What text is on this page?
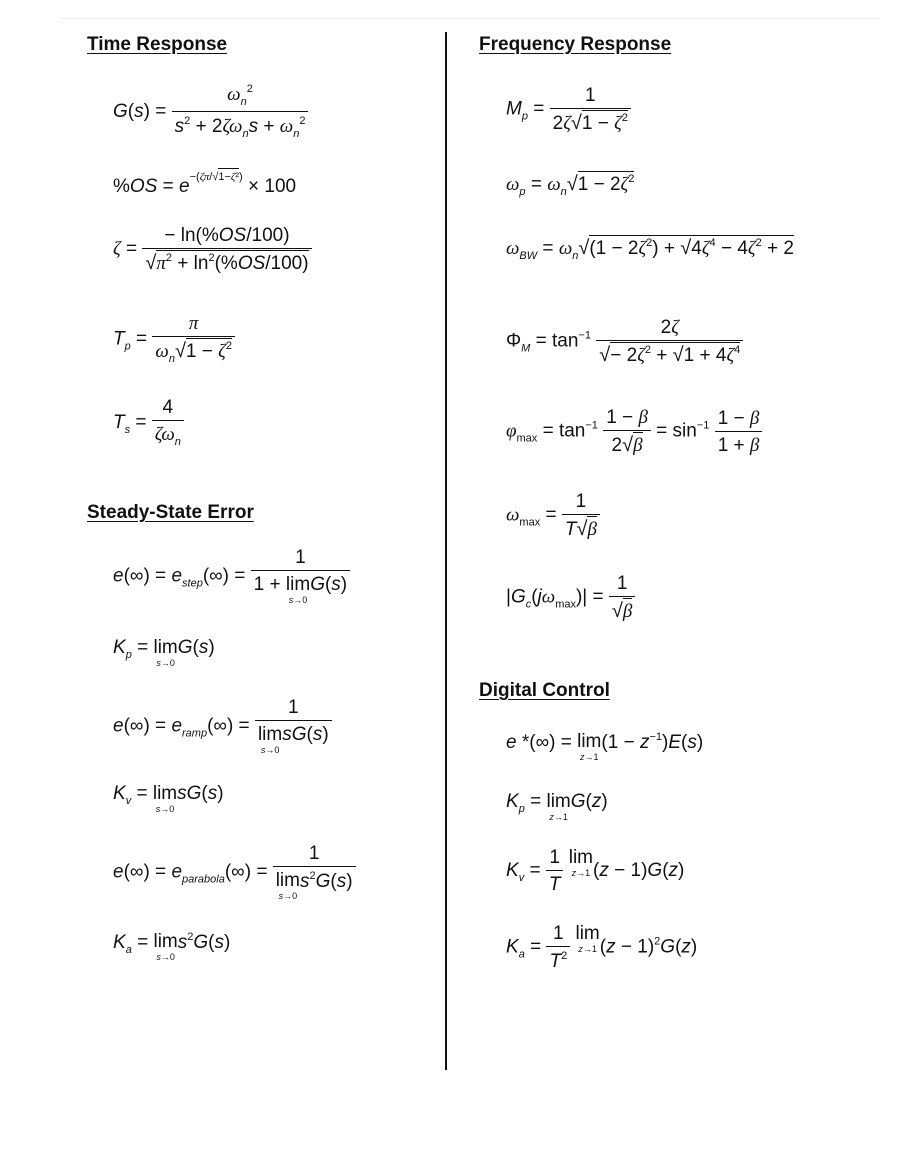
Time Response
$G(s) = \frac{\omega_n^2}{s^2 + 2\zeta\omega_ns + \omega_n^2}$
$\%OS = e^{-(\zeta\pi/√1-\zeta^2)} \times 100$
$\zeta = \frac{- \ln(\%OS/100)}{√\pi^2 + \ln^2(\%OS/100)}$
$T_p = \frac{\pi}{\omega_n√1 - \zeta^2}$
$T_s = \frac{4}{\zeta\omega_n}$
Steady-State Error
$e(\infty) = e_{step}(\infty) = 1$
1 + lim
s→0
G(s)
$K_p = \lim$
s→0
G(s)
$e(\infty) = e_{ramp}(\infty) = 1$
lim
s→0
sG(s)
$K_v = \lim$
s→0
sG(s)
$e(\infty) = e_{parabola}(\infty) = 1$
lim
s→0
$s^2G(s)$
$K_a = \lim$
s→0
$s^2G(s)$
Frequency Response
$M_p = \frac{1}{2\zeta√1 - \zeta^2}$
$\omega_p = \omega_n√1 - 2\zeta^2$
$\omega_{BW} = \omega_n√(1 - 2\zeta^2) + √4\zeta^4 - 4\zeta^2 + 2$
$\Phi_M = \tan^{-1} \frac{2\zeta}{√- 2\zeta^2 + √1 + 4\zeta^4}$
$\varphi_{max} = \tan^{-1} \frac{1 - \beta}{2√\beta} = \sin^{-1} \frac{1 - \beta}{1 + \beta}$
$\omega_{max} = \frac{1}{T√\beta}$
$|G_c(j\omega_{max})| = \frac{1}{√\beta}$
Digital Control
e *(∞) = lim
z→1
$(1 - z^{-1})E(s)$
$K_p = \lim$
z→1
G(z)
$K_v = \frac{1}{T}$ lim
z→1 (z − 1)G(z)
$K_a = \frac{1}{T^2}$ lim
z→1 $(z - 1)^2G(z)$
